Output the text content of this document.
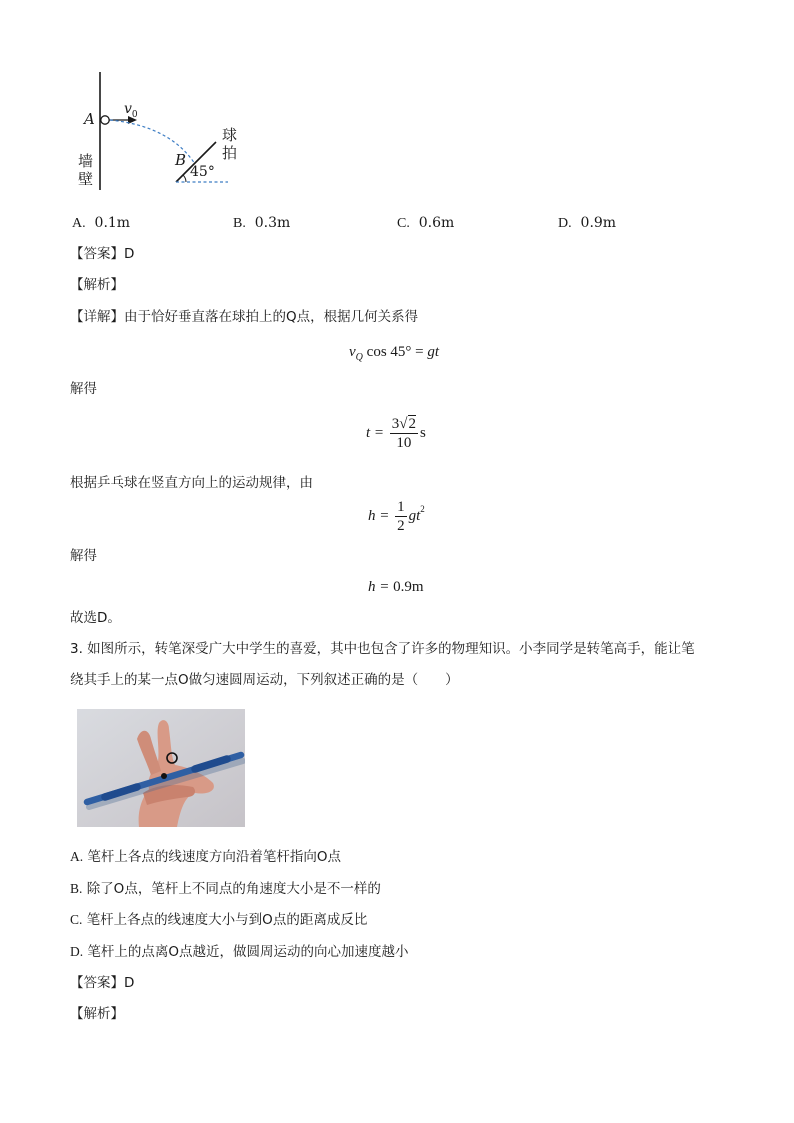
A
$v_0$
B
45°
墙
壁
球
拍
A. 0.1m	B. 0.3m	C. 0.6m	D. 0.9m
【答案】D
【解析】
【详解】由于恰好垂直落在球拍上的Q点，根据几何关系得
$v_Q$ cos 45° = gt
解得
$t = \frac{3√2}{10}$ s
根据乒乓球在竖直方向上的运动规律，由
$h = \frac{1}{2} gt^2$
解得
h = 0.9m
故选D。
3. 如图所示，转笔深受广大中学生的喜爱，其中也包含了许多的物理知识。小李同学是转笔高手，能让笔
绕其手上的某一点O做匀速圆周运动，下列叙述正确的是（　　）
A. 笔杆上各点的线速度方向沿着笔杆指向O点
B. 除了O点，笔杆上不同点的角速度大小是不一样的
C. 笔杆上各点的线速度大小与到O点的距离成反比
D. 笔杆上的点离O点越近，做圆周运动的向心加速度越小
【答案】D
【解析】
